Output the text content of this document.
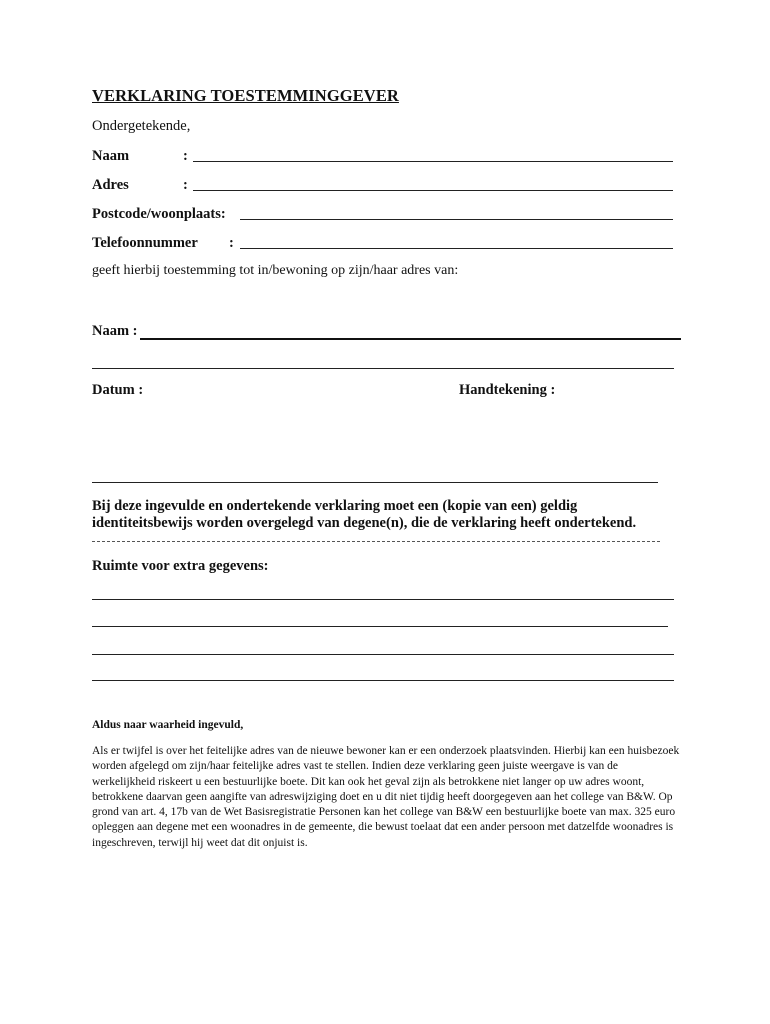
VERKLARING TOESTEMMINGGEVER
Ondergetekende,
Naam	:
Adres	:
Postcode/woonplaats:
Telefoonnummer :
geeft hierbij toestemming tot in/bewoning op zijn/haar adres van:
Naam :
Datum :	Handtekening :
Bij deze ingevulde en ondertekende verklaring moet een (kopie van een) geldig
identiteitsbewijs worden overgelegd van degene(n), die de verklaring heeft ondertekend.
Ruimte voor extra gegevens:
Aldus naar waarheid ingevuld,
Als er twijfel is over het feitelijke adres van de nieuwe bewoner kan er een onderzoek plaatsvinden. Hierbij kan een huisbezoek worden afgelegd om zijn/haar feitelijke adres vast te stellen. Indien deze verklaring geen juiste weergave is van de werkelijkheid riskeert u een bestuurlijke boete. Dit kan ook het geval zijn als betrokkene niet langer op uw adres woont, betrokkene daarvan geen aangifte van adreswijziging doet en u dit niet tijdig heeft doorgegeven aan het college van B&W. Op grond van art. 4, 17b van de Wet Basisregistratie Personen kan het college van B&W een bestuurlijke boete van max. 325 euro opleggen aan degene met een woonadres in de gemeente, die bewust toelaat dat een ander persoon met datzelfde woonadres is ingeschreven, terwijl hij weet dat dit onjuist is.
